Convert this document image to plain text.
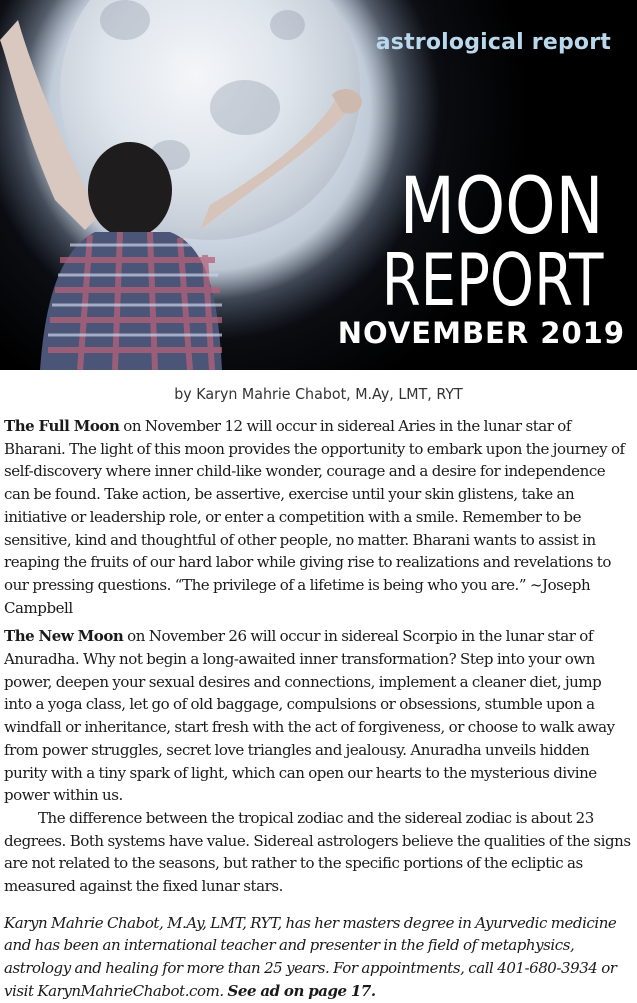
astrological report
MOON
REPORT
NOVEMBER 2019
by Karyn Mahrie Chabot, M.Ay, LMT, RYT

The Full Moon on November 12 will occur in sidereal Aries in the lunar star of Bharani. The light of this moon provides the opportunity to embark upon the journey of self-discovery where inner child-like wonder, courage and a desire for independence can be found. Take action, be assertive, exercise until your skin glistens, take an initiative or leadership role, or enter a competition with a smile. Remember to be sensitive, kind and thoughtful of other people, no matter. Bharani wants to assist in reaping the fruits of our hard labor while giving rise to realizations and revelations to our pressing questions. “The privilege of a lifetime is being who you are.” ~Joseph Campbell

The New Moon on November 26 will occur in sidereal Scorpio in the lunar star of Anuradha. Why not begin a long-awaited inner transformation? Step into your own power, deepen your sexual desires and connections, implement a cleaner diet, jump into a yoga class, let go of old baggage, compulsions or obsessions, stumble upon a windfall or inheritance, start fresh with the act of forgiveness, or choose to walk away from power struggles, secret love triangles and jealousy. Anuradha unveils hidden purity with a tiny spark of light, which can open our hearts to the mysterious divine power within us.

The difference between the tropical zodiac and the sidereal zodiac is about 23 degrees. Both systems have value. Sidereal astrologers believe the qualities of the signs are not related to the seasons, but rather to the specific portions of the ecliptic as measured against the fixed lunar stars.

Karyn Mahrie Chabot, M.Ay, LMT, RYT, has her masters degree in Ayurvedic medicine and has been an international teacher and presenter in the field of metaphysics, astrology and healing for more than 25 years. For appointments, call 401-680-3934 or visit KarynMahrieChabot.com. See ad on page 17.
